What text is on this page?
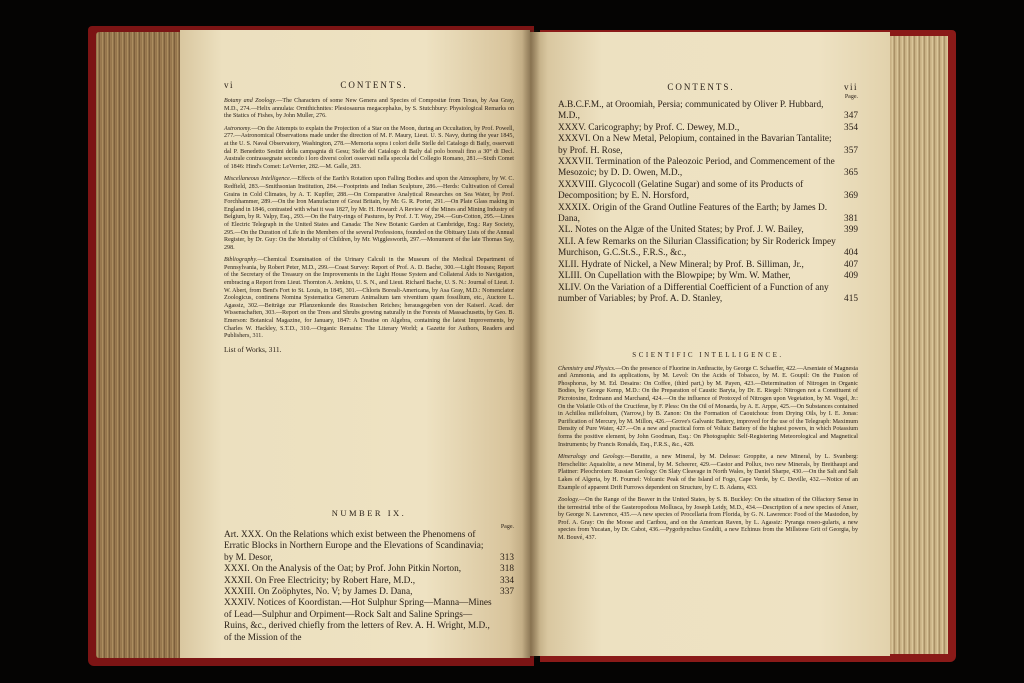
vi	CONTENTS.

Botany and Zoology.—The Characters of some New Genera and Species of Compositæ from Texas, by Asa Gray, M.D., 274.—Helix annulata: Ornithichnites: Plesiosaurus megacephalus, by S. Stutchbury: Physiological Remarks on the Statics of Fishes, by John Muller, 276.

Astronomy.—On the Attempts to explain the Projection of a Star on the Moon, during an Occultation, by Prof. Powell, 277.—Astronomical Observations made under the direction of M. F. Maury, Lieut. U. S. Navy, during the year 1845, at the U. S. Naval Observatory, Washington, 278.—Memoria sopra i colori delle Stelle del Catalogo di Baily, osservati dal P. Benedetto Sestini della campagnia di Gesu; Stelle del Catalogo di Baily dal polo boreali fino a 30° di Decl. Australe contrassegnate secondo i loro diversi colori osservati nella specola del Collegio Romano, 281.—Sixth Comet of 1846: Hind's Comet: LeVerrier, 282.—M. Galle, 283.

Miscellaneous Intelligence.—Effects of the Earth's Rotation upon Falling Bodies and upon the Atmosphere, by W. C. Redfield, 283.—Smithsonian Institution, 284.—Footprints and Indian Sculpture, 286.—Herds: Cultivation of Cereal Grains in Cold Climates, by A. T. Kupffer, 288.—On Comparative Analytical Researches on Sea Water, by Prof. Forchhammer, 289.—On the Iron Manufacture of Great Britain, by Mr. G. R. Porter, 291.—On Plate Glass making in England in 1846, contrasted with what it was 1827, by Mr. H. Howard: A Review of the Mines and Mining Industry of Belgium, by R. Valpy, Esq., 293.—On the Fairy-rings of Pastures, by Prof. J. T. Way, 294.—Gun-Cotton, 295.—Lines of Electric Telegraph in the United States and Canada: The New Botanic Garden at Cambridge, Eng.: Ray Society, 295.—On the Duration of Life in the Members of the several Professions, founded on the Obituary Lists of the Annual Register, by Dr. Guy: On the Mortality of Children, by Mr. Wigglesworth, 297.—Monument of the late Thomas Say, 298.

Bibliography.—Chemical Examination of the Urinary Calculi in the Museum of the Medical Department of Pennsylvania, by Robert Peter, M.D., 299.—Coast Survey: Report of Prof. A. D. Bache, 300.—Light Houses; Report of the Secretary of the Treasury on the Improvements in the Light House System and Collateral Aids to Navigation, embracing a Report from Lieut. Thornton A. Jenkins, U. S. N., and Lieut. Richard Bache, U. S. N.: Journal of Lieut. J. W. Abert, from Bent's Fort to St. Louis, in 1845, 301.—Chloris Boreali-Americana, by Asa Gray, M.D.: Nomenclator Zoologicus, continens Nomina Systematica Generum Animalium tam viventium quam fossilium, etc., Auctore L. Agassiz, 302.—Beiträge zur Pflanzenkunde des Russischen Reiches; herausgegeben von der Kaiserl. Acad. der Wissenschaften, 303.—Report on the Trees and Shrubs growing naturally in the Forests of Massachusetts, by Geo. B. Emerson: Botanical Magazine, for January, 1847: A Treatise on Algebra, containing the latest Improvements, by Charles W. Hackley, S.T.D., 310.—Organic Remains: The Literary World; a Gazette for Authors, Readers and Publishers, 311.

List of Works, 311.

NUMBER IX.
Page.
Art. XXX. On the Relations which exist between the Phenomens of Erratic Blocks in Northern Europe and the Elevations of Scandinavia; by M. Desor,	313
XXXI. On the Analysis of the Oat; by Prof. John Pitkin Norton,	318
XXXII. On Free Electricity; by Robert Hare, M.D.,	334
XXXIII. On Zoöphytes, No. V; by James D. Dana,	337
XXXIV. Notices of Koordistan.—Hot Sulphur Spring—Manna—Mines of Lead—Sulphur and Orpiment—Rock Salt and Saline Springs—Ruins, &c., derived chiefly from the letters of Rev. A. H. Wright, M.D., of the Mission of the
CONTENTS.	vii
Page.
A.B.C.F.M., at Oroomiah, Persia; communicated by Oliver P. Hubbard, M.D.,	347
XXXV. Caricography; by Prof. C. Dewey, M.D.,	354
XXXVI. On a New Metal, Pelopium, contained in the Bavarian Tantalite; by Prof. H. Rose,	357
XXXVII. Termination of the Paleozoic Period, and Commencement of the Mesozoic; by D. D. Owen, M.D.,	365
XXXVIII. Glycocoll (Gelatine Sugar) and some of its Products of Decomposition; by E. N. Horsford,	369
XXXIX. Origin of the Grand Outline Features of the Earth; by James D. Dana,	381
XL. Notes on the Algæ of the United States; by Prof. J. W. Bailey,	399
XLI. A few Remarks on the Silurian Classification; by Sir Roderick Impey Murchison, G.C.St.S., F.R.S., &c.,	404
XLII. Hydrate of Nickel, a New Mineral; by Prof. B. Silliman, Jr.,	407
XLIII. On Cupellation with the Blowpipe; by Wm. W. Mather,	409
XLIV. On the Variation of a Differential Coefficient of a Function of any number of Variables; by Prof. A. D. Stanley,	415
SCIENTIFIC INTELLIGENCE.

Chemistry and Physics.—On the presence of Fluorine in Anthracite, by George C. Schaeffer, 422.—Arseniate of Magnesia and Ammonia, and its applications, by M. Levol: On the Acids of Tobacco, by M. E. Goupil: On the Fusion of Phosphorus, by M. Ed. Desains: On Coffee, (third part,) by M. Payen, 423.—Determination of Nitrogen in Organic Bodies, by George Kemp, M.D.: On the Preparation of Caustic Baryta, by Dr. E. Riegel: Nitrogen not a Constituent of Picrotoxine, Erdmann and Marchand, 424.—On the influence of Protoxyd of Nitrogen upon Vegetation, by M. Vogel, Jr.: On the Volatile Oils of the Cruciferæ, by F. Pless: On the Oil of Monarda, by A. E. Arppe, 425.—On Substances contained in Achillea millefolium, (Yarrow,) by B. Zanon: On the Formation of Caoutchouc from Drying Oils, by I. E. Jonas: Purification of Mercury, by M. Millon, 426.—Grove's Galvanic Battery, improved for the use of the Telegraph: Maximum Density of Pure Water, 427.—On a new and practical form of Voltaic Battery of the highest powers, in which Potassium forms the positive element, by John Goodman, Esq.: On Photographic Self-Registering Meteorological and Magnetical Instruments; by Francis Ronalds, Esq., F.R.S., &c., 428.

Mineralogy and Geology.—Buratite, a new Mineral, by M. Delesse: Groppite, a new Mineral, by L. Svanberg: Herschelite: Aquaiolite, a new Mineral, by M. Scheerer, 429.—Castor and Pollux, two new Minerals, by Breithaupt and Plattner: Pleochroism: Russian Geology: On Slaty Cleavage in North Wales, by Daniel Sharpe, 430.—On the Salt and Salt Lakes of Algeria, by H. Fournel: Volcanic Peak of the Island of Fogo, Cape Verde, by C. Deville, 432.—Notice of an Example of apparent Drift Furrows dependent on Structure, by C. B. Adams, 433.

Zoology.—On the Range of the Beaver in the United States, by S. B. Buckley: On the situation of the Olfactory Sense in the terrestrial tribe of the Gasteropodous Mollusca, by Joseph Leidy, M.D., 434.—Description of a new species of Anser, by George N. Lawrence, 435.—A new species of Procellaria from Florida, by G. N. Lawrence: Food of the Mastodon, by Prof. A. Gray: On the Moose and Caribou, and on the American Raven, by L. Agassiz: Pyranga roseo-gularis, a new species from Yucatan, by Dr. Cabot, 436.—Pygorhynchus Gouldii, a new Echinus from the Millstone Grit of Georgia, by M. Bouvé, 437.
